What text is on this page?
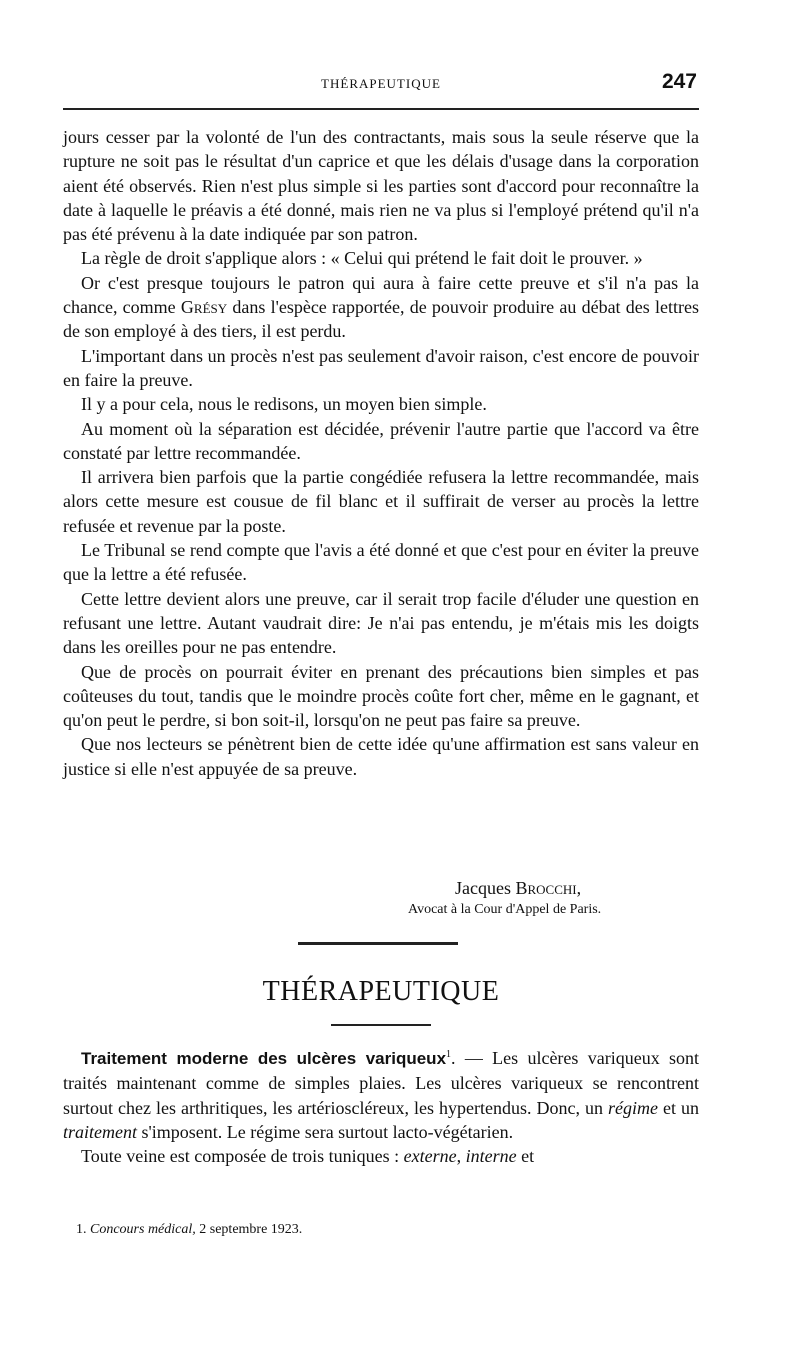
THÉRAPEUTIQUE	247

jours cesser par la volonté de l'un des contractants, mais sous la seule réserve que la rupture ne soit pas le résultat d'un caprice et que les délais d'usage dans la corporation aient été observés. Rien n'est plus simple si les parties sont d'accord pour reconnaître la date à laquelle le préavis a été donné, mais rien ne va plus si l'employé prétend qu'il n'a pas été prévenu à la date indiquée par son patron.

La règle de droit s'applique alors : « Celui qui prétend le fait doit le prouver. »

Or c'est presque toujours le patron qui aura à faire cette preuve et s'il n'a pas la chance, comme Grésy dans l'espèce rapportée, de pouvoir produire au débat des lettres de son employé à des tiers, il est perdu.

L'important dans un procès n'est pas seulement d'avoir raison, c'est encore de pouvoir en faire la preuve.

Il y a pour cela, nous le redisons, un moyen bien simple.

Au moment où la séparation est décidée, prévenir l'autre partie que l'accord va être constaté par lettre recommandée.

Il arrivera bien parfois que la partie congédiée refusera la lettre recommandée, mais alors cette mesure est cousue de fil blanc et il suffirait de verser au procès la lettre refusée et revenue par la poste.

Le Tribunal se rend compte que l'avis a été donné et que c'est pour en éviter la preuve que la lettre a été refusée.

Cette lettre devient alors une preuve, car il serait trop facile d'éluder une question en refusant une lettre. Autant vaudrait dire: Je n'ai pas entendu, je m'étais mis les doigts dans les oreilles pour ne pas entendre.

Que de procès on pourrait éviter en prenant des précautions bien simples et pas coûteuses du tout, tandis que le moindre procès coûte fort cher, même en le gagnant, et qu'on peut le perdre, si bon soit-il, lorsqu'on ne peut pas faire sa preuve.

Que nos lecteurs se pénètrent bien de cette idée qu'une affirmation est sans valeur en justice si elle n'est appuyée de sa preuve.

Jacques Brocchi,
Avocat à la Cour d'Appel de Paris.
THÉRAPEUTIQUE

Traitement moderne des ulcères variqueux$^1$. — Les ulcères variqueux sont traités maintenant comme de simples plaies. Les ulcères variqueux se rencontrent surtout chez les arthritiques, les artérioscléreux, les hypertendus. Donc, un régime et un traitement s'imposent. Le régime sera surtout lacto-végétarien.

Toute veine est composée de trois tuniques : externe, interne et

1. Concours médical, 2 septembre 1923.
